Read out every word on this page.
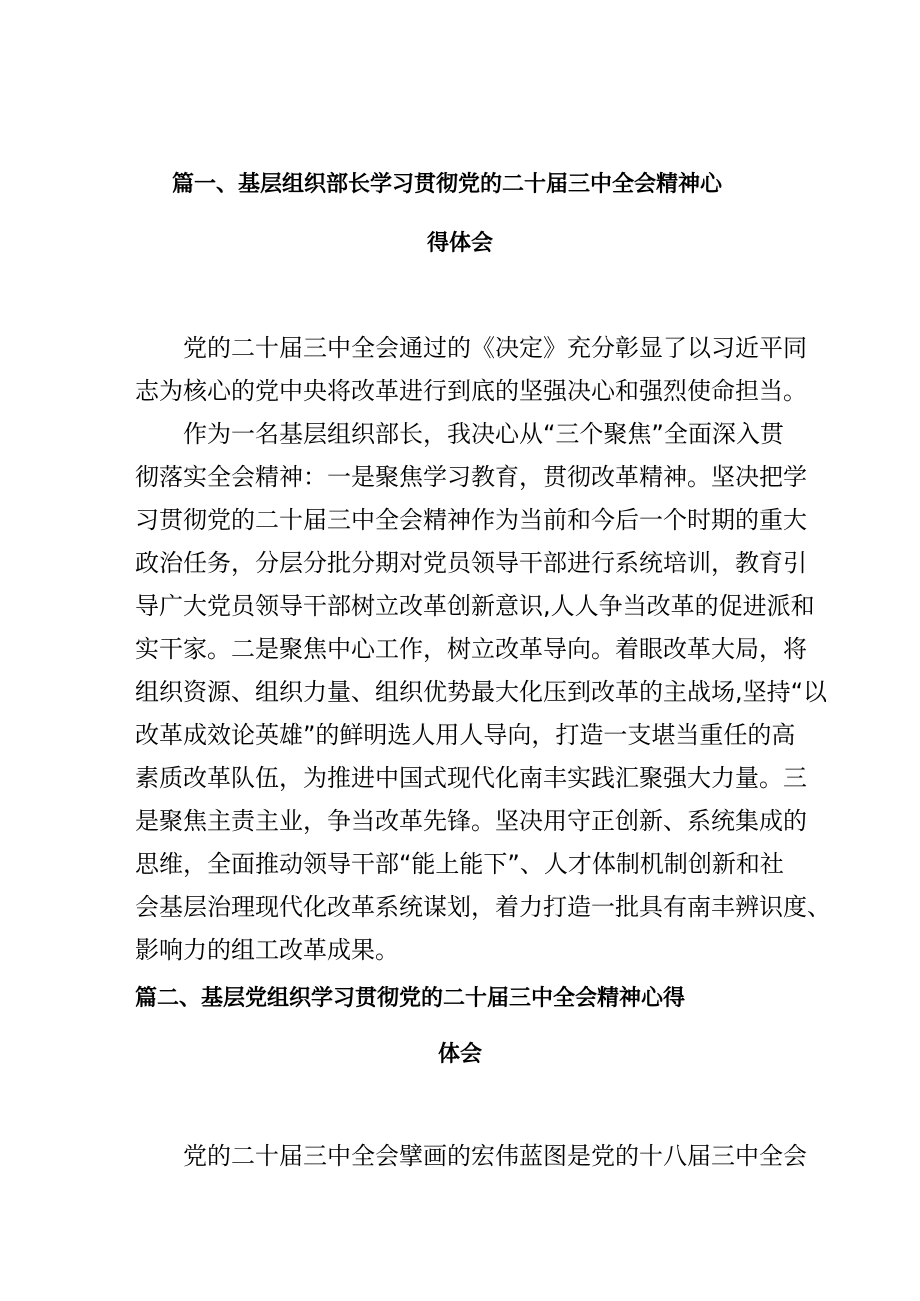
篇一、基层组织部长学习贯彻党的二十届三中全会精神心
得体会
党的二十届三中全会通过的《决定》充分彰显了以习近平同
志为核心的党中央将改革进行到底的坚强决心和强烈使命担当。
作为一名基层组织部长，我决心从“三个聚焦”全面深入贯
彻落实全会精神：一是聚焦学习教育，贯彻改革精神。坚决把学
习贯彻党的二十届三中全会精神作为当前和今后一个时期的重大
政治任务，分层分批分期对党员领导干部进行系统培训，教育引
导广大党员领导干部树立改革创新意识,人人争当改革的促进派和
实干家。二是聚焦中心工作，树立改革导向。着眼改革大局，将
组织资源、组织力量、组织优势最大化压到改革的主战场,坚持“以
改革成效论英雄”的鲜明选人用人导向，打造一支堪当重任的高
素质改革队伍，为推进中国式现代化南丰实践汇聚强大力量。三
是聚焦主责主业，争当改革先锋。坚决用守正创新、系统集成的
思维，全面推动领导干部“能上能下”、人才体制机制创新和社
会基层治理现代化改革系统谋划，着力打造一批具有南丰辨识度、
影响力的组工改革成果。
篇二、基层党组织学习贯彻党的二十届三中全会精神心得
体会
党的二十届三中全会擘画的宏伟蓝图是党的十八届三中全会
